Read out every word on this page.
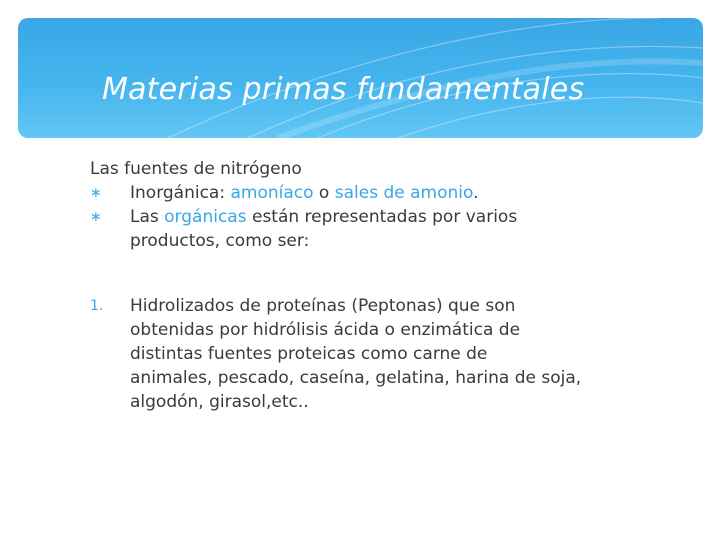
Materias primas fundamentales
Las fuentes de nitrógeno
∗ Inorgánica: amoníaco o sales de amonio.
∗ Las orgánicas están representadas por varios
productos, como ser:
1. Hidrolizados de proteínas (Peptonas) que son
obtenidas por hidrólisis ácida o enzimática de
distintas fuentes proteicas como carne de
animales, pescado, caseína, gelatina, harina de soja,
algodón, girasol,etc..
